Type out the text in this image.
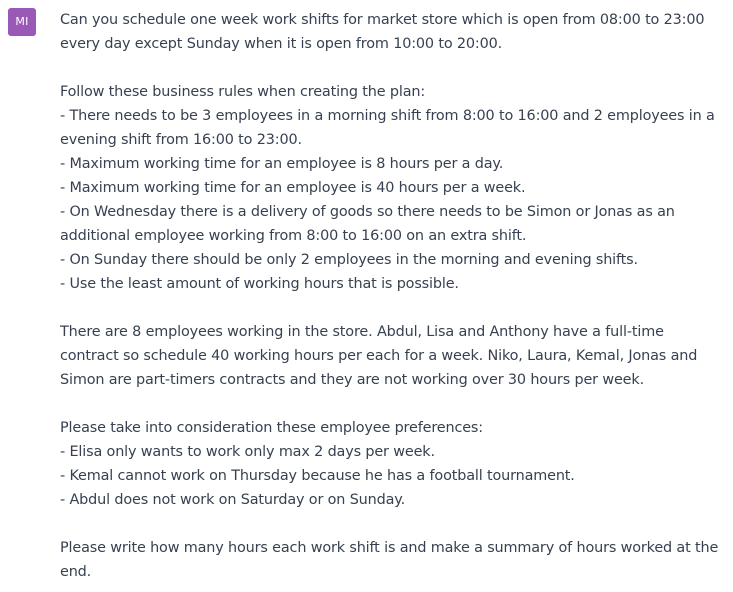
MI	Can you schedule one week work shifts for market store which is open from 08:00 to 23:00
every day except Sunday when it is open from 10:00 to 20:00.

Follow these business rules when creating the plan:
- There needs to be 3 employees in a morning shift from 8:00 to 16:00 and 2 employees in a
evening shift from 16:00 to 23:00.
- Maximum working time for an employee is 8 hours per a day.
- Maximum working time for an employee is 40 hours per a week.
- On Wednesday there is a delivery of goods so there needs to be Simon or Jonas as an
additional employee working from 8:00 to 16:00 on an extra shift.
- On Sunday there should be only 2 employees in the morning and evening shifts.
- Use the least amount of working hours that is possible.

There are 8 employees working in the store. Abdul, Lisa and Anthony have a full-time
contract so schedule 40 working hours per each for a week. Niko, Laura, Kemal, Jonas and
Simon are part-timers contracts and they are not working over 30 hours per week.

Please take into consideration these employee preferences:
- Elisa only wants to work only max 2 days per week.
- Kemal cannot work on Thursday because he has a football tournament.
- Abdul does not work on Saturday or on Sunday.

Please write how many hours each work shift is and make a summary of hours worked at the
end.
